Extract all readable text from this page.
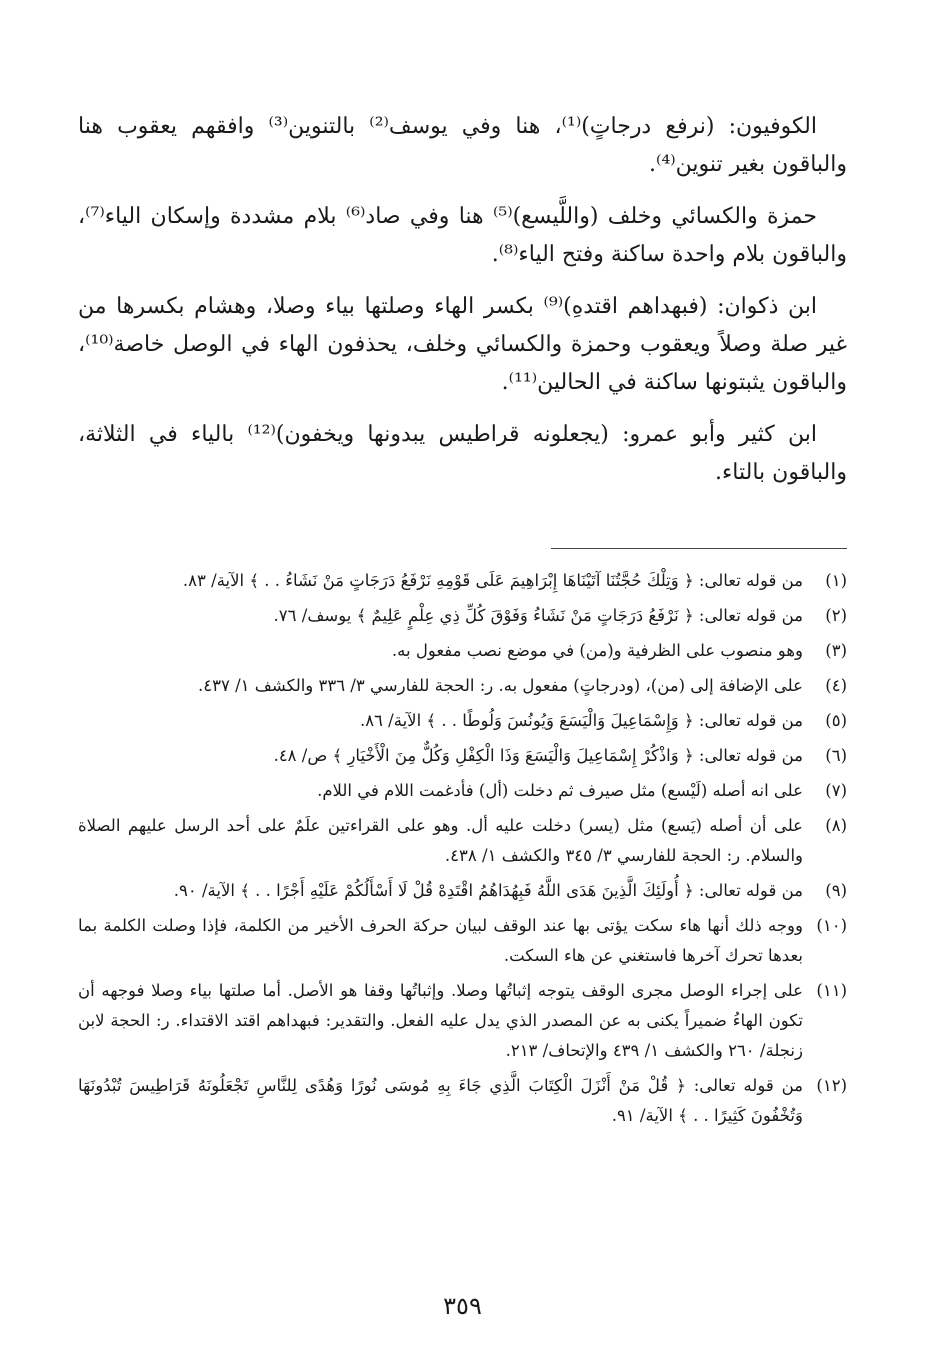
الكوفيون: (نرفع درجاتٍ)⁽¹⁾، هنا وفي يوسف⁽²⁾ بالتنوين⁽³⁾ وافقهم يعقوب هنا والباقون بغير تنوين⁽⁴⁾.

حمزة والكسائي وخلف (واللَّيسع)⁽⁵⁾ هنا وفي صاد⁽⁶⁾ بلام مشددة وإسكان الياء⁽⁷⁾، والباقون بلام واحدة ساكنة وفتح الياء⁽⁸⁾.

ابن ذكوان: (فبهداهم اقتدهِ)⁽⁹⁾ بكسر الهاء وصلتها بياء وصلا، وهشام بكسرها من غير صلة وصلاً ويعقوب وحمزة والكسائي وخلف، يحذفون الهاء في الوصل خاصة⁽¹⁰⁾، والباقون يثبتونها ساكنة في الحالين⁽¹¹⁾.

ابن كثير وأبو عمرو: (يجعلونه قراطيس يبدونها ويخفون)⁽¹²⁾ بالياء في الثلاثة، والباقون بالتاء.

(١)
من قوله تعالى: ﴿ وَتِلْكَ حُجَّتُنَا آتَيْنَاهَا إِبْرَاهِيمَ عَلَى قَوْمِهِ نَرْفَعُ دَرَجَاتٍ مَنْ نَشَاءُ . . ﴾ الآية/ ٨٣.
(٢)
من قوله تعالى: ﴿ نَرْفَعُ دَرَجَاتٍ مَنْ نَشَاءُ وَفَوْقَ كُلِّ ذِي عِلْمٍ عَلِيمٌ ﴾ يوسف/ ٧٦.
(٣)
وهو منصوب على الظرفية و(من) في موضع نصب مفعول به.
(٤)
على الإضافة إلى (من)، (ودرجاتٍ) مفعول به. ر: الحجة للفارسي ٣/ ٣٣٦ والكشف ١/ ٤٣٧.
(٥)
من قوله تعالى: ﴿ وَإِسْمَاعِيلَ وَالْيَسَعَ وَيُونُسَ وَلُوطًا . . ﴾ الآية/ ٨٦.
(٦)
من قوله تعالى: ﴿ وَاذْكُرْ إِسْمَاعِيلَ وَالْيَسَعَ وَذَا الْكِفْلِ وَكُلٌّ مِنَ الْأَخْيَارِ ﴾ ص/ ٤٨.
(٧)
على انه أصله (لَيْسع) مثل صيرف ثم دخلت (أل) فأدغمت اللام في اللام.
(٨)
على أن أصله (يَسع) مثل (يسر) دخلت عليه أل. وهو على القراءتين علَمٌ على أحد الرسل عليهم الصلاة والسلام. ر: الحجة للفارسي ٣/ ٣٤٥ والكشف ١/ ٤٣٨.
(٩)
من قوله تعالى: ﴿ أُولَئِكَ الَّذِينَ هَدَى اللَّهُ فَبِهُدَاهُمُ اقْتَدِهْ قُلْ لَا أَسْأَلُكُمْ عَلَيْهِ أَجْرًا . . ﴾ الآية/ ٩٠.
(١٠)
ووجه ذلك أنها هاء سكت يؤتى بها عند الوقف لبيان حركة الحرف الأخير من الكلمة، فإذا وصلت الكلمة بما بعدها تحرك آخرها فاستغني عن هاء السكت.
(١١)
على إجراء الوصل مجرى الوقف يتوجه إثباتُها وصلا. وإثباتُها وقفا هو الأصل. أما صلتها بياء وصلا فوجهه أن تكون الهاءُ ضميراً يكنى به عن المصدر الذي يدل عليه الفعل. والتقدير: فبهداهم اقتد الاقتداء. ر: الحجة لابن زنجلة/ ٢٦٠ والكشف ١/ ٤٣٩ والإتحاف/ ٢١٣.
(١٢)
من قوله تعالى: ﴿ قُلْ مَنْ أَنْزَلَ الْكِتَابَ الَّذِي جَاءَ بِهِ مُوسَى نُورًا وَهُدًى لِلنَّاسِ تَجْعَلُونَهُ قَرَاطِيسَ تُبْدُونَهَا وَتُخْفُونَ كَثِيرًا . . ﴾ الآية/ ٩١.
٣٥٩
